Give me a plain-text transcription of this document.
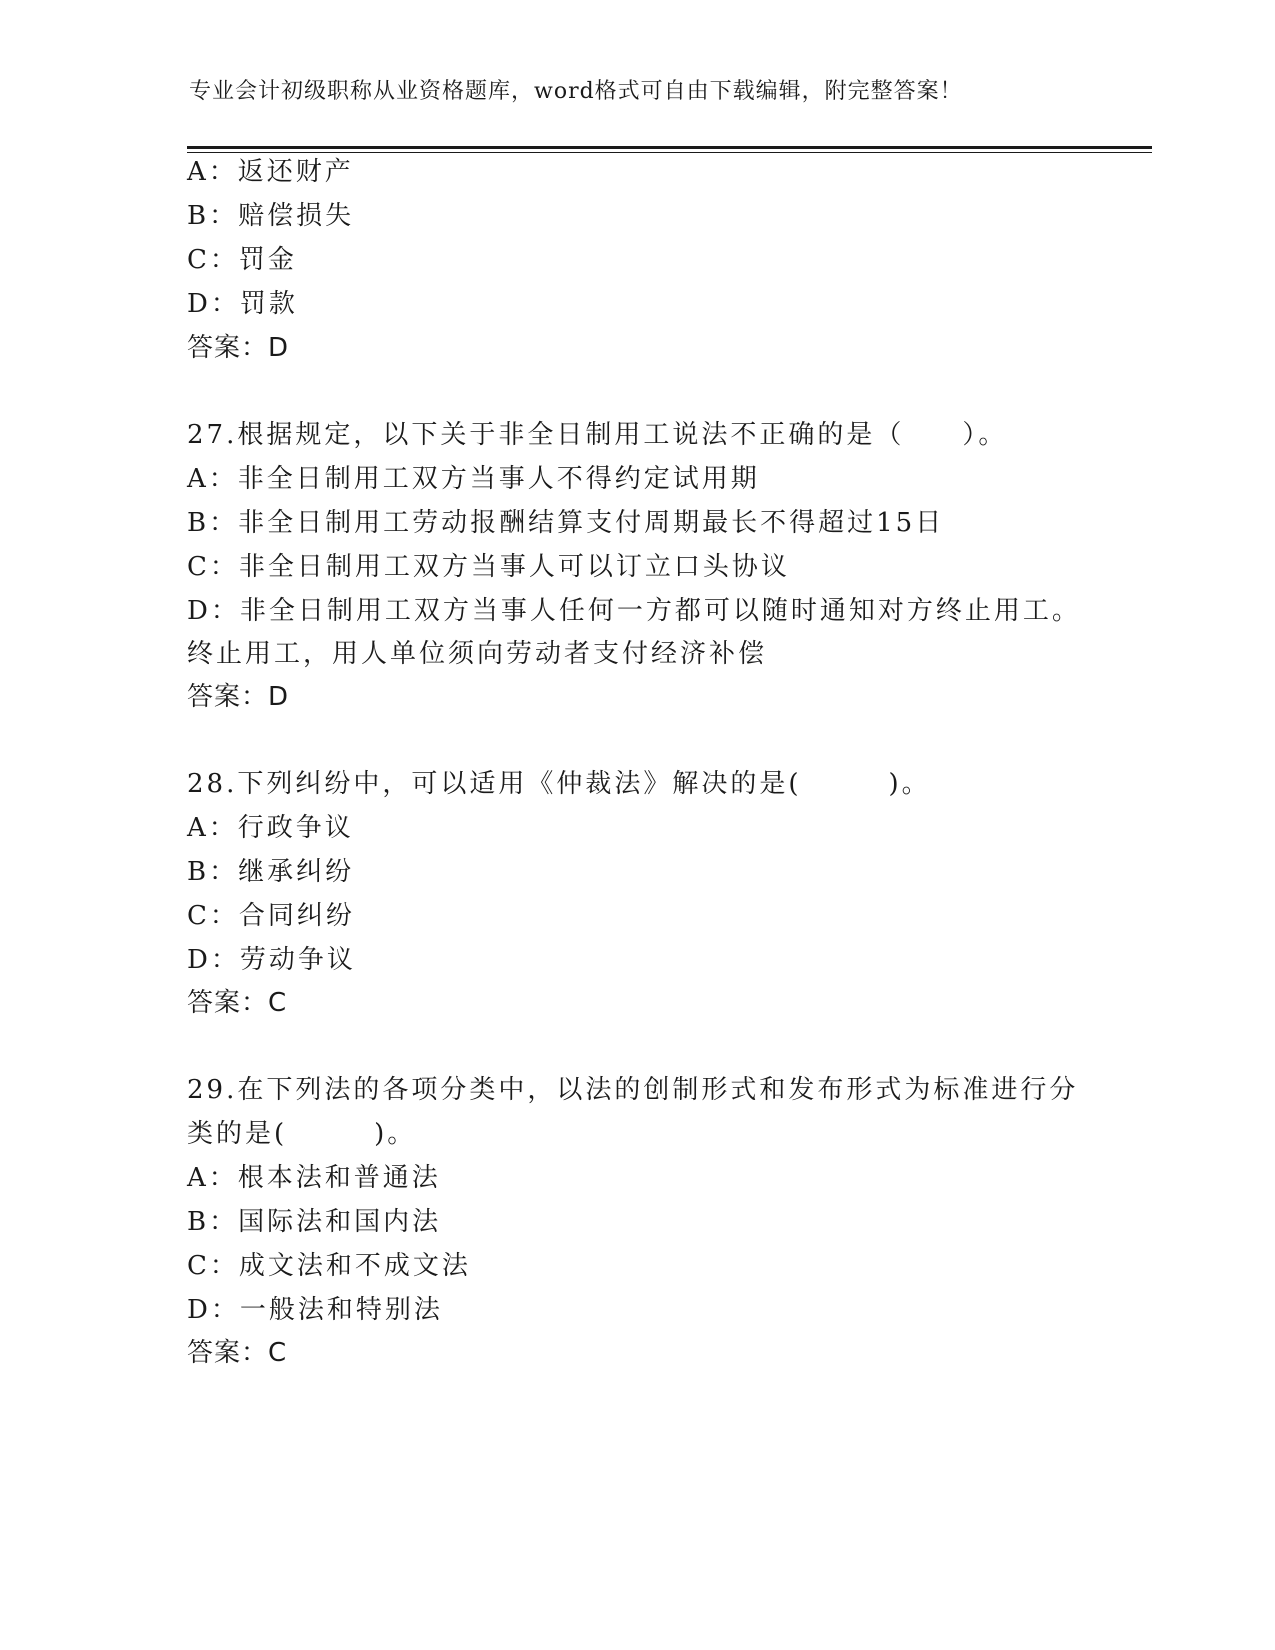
专业会计初级职称从业资格题库，word格式可自由下载编辑，附完整答案！
A：返还财产
B：赔偿损失
C：罚金
D：罚款
答案：D
27.根据规定，以下关于非全日制用工说法不正确的是（　　）。
A：非全日制用工双方当事人不得约定试用期
B：非全日制用工劳动报酬结算支付周期最长不得超过15日
C：非全日制用工双方当事人可以订立口头协议
D：非全日制用工双方当事人任何一方都可以随时通知对方终止用工。
终止用工，用人单位须向劳动者支付经济补偿
答案：D
28.下列纠纷中，可以适用《仲裁法》解决的是(　　　)。
A：行政争议
B：继承纠纷
C：合同纠纷
D：劳动争议
答案：C
29.在下列法的各项分类中，以法的创制形式和发布形式为标准进行分
类的是(　　　)。
A：根本法和普通法
B：国际法和国内法
C：成文法和不成文法
D：一般法和特别法
答案：C
